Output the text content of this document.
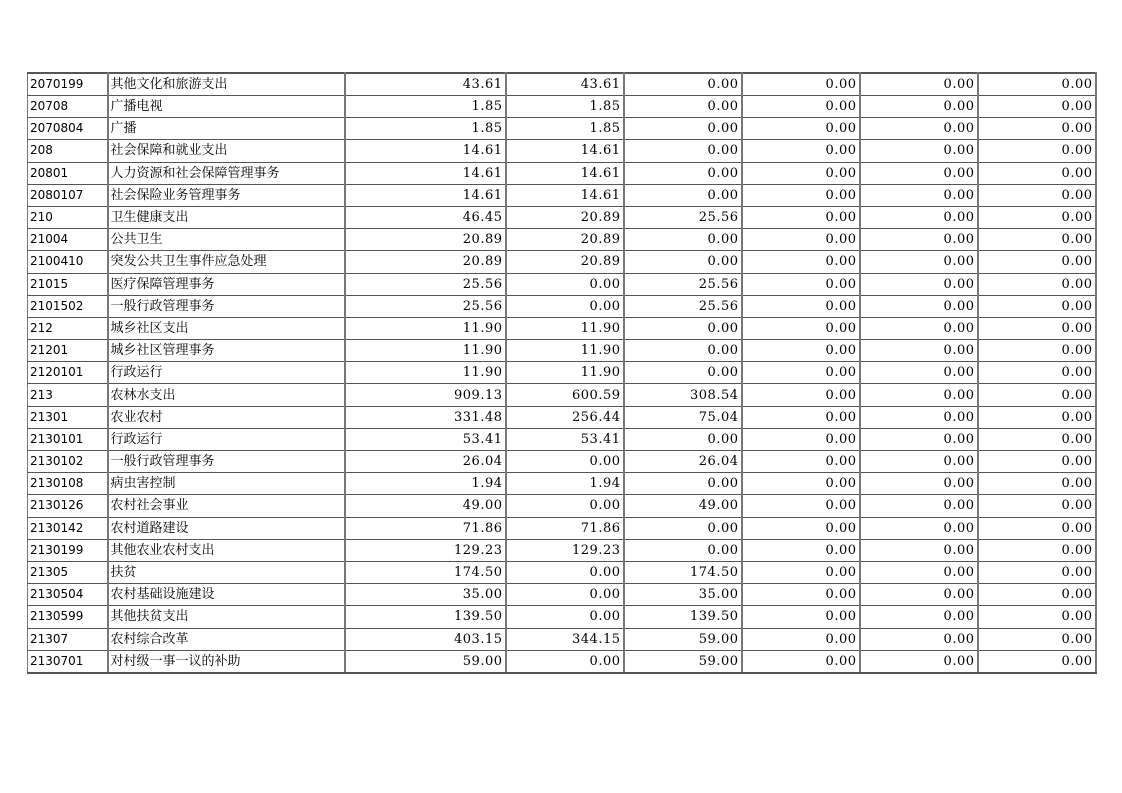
2070199	其他文化和旅游支出	43.61	43.61	0.00	0.00	0.00	0.00
20708	广播电视	1.85	1.85	0.00	0.00	0.00	0.00
2070804	广播	1.85	1.85	0.00	0.00	0.00	0.00
208	社会保障和就业支出	14.61	14.61	0.00	0.00	0.00	0.00
20801	人力资源和社会保障管理事务	14.61	14.61	0.00	0.00	0.00	0.00
2080107	社会保险业务管理事务	14.61	14.61	0.00	0.00	0.00	0.00
210	卫生健康支出	46.45	20.89	25.56	0.00	0.00	0.00
21004	公共卫生	20.89	20.89	0.00	0.00	0.00	0.00
2100410	突发公共卫生事件应急处理	20.89	20.89	0.00	0.00	0.00	0.00
21015	医疗保障管理事务	25.56	0.00	25.56	0.00	0.00	0.00
2101502	一般行政管理事务	25.56	0.00	25.56	0.00	0.00	0.00
212	城乡社区支出	11.90	11.90	0.00	0.00	0.00	0.00
21201	城乡社区管理事务	11.90	11.90	0.00	0.00	0.00	0.00
2120101	行政运行	11.90	11.90	0.00	0.00	0.00	0.00
213	农林水支出	909.13	600.59	308.54	0.00	0.00	0.00
21301	农业农村	331.48	256.44	75.04	0.00	0.00	0.00
2130101	行政运行	53.41	53.41	0.00	0.00	0.00	0.00
2130102	一般行政管理事务	26.04	0.00	26.04	0.00	0.00	0.00
2130108	病虫害控制	1.94	1.94	0.00	0.00	0.00	0.00
2130126	农村社会事业	49.00	0.00	49.00	0.00	0.00	0.00
2130142	农村道路建设	71.86	71.86	0.00	0.00	0.00	0.00
2130199	其他农业农村支出	129.23	129.23	0.00	0.00	0.00	0.00
21305	扶贫	174.50	0.00	174.50	0.00	0.00	0.00
2130504	农村基础设施建设	35.00	0.00	35.00	0.00	0.00	0.00
2130599	其他扶贫支出	139.50	0.00	139.50	0.00	0.00	0.00
21307	农村综合改革	403.15	344.15	59.00	0.00	0.00	0.00
2130701	对村级一事一议的补助	59.00	0.00	59.00	0.00	0.00	0.00
